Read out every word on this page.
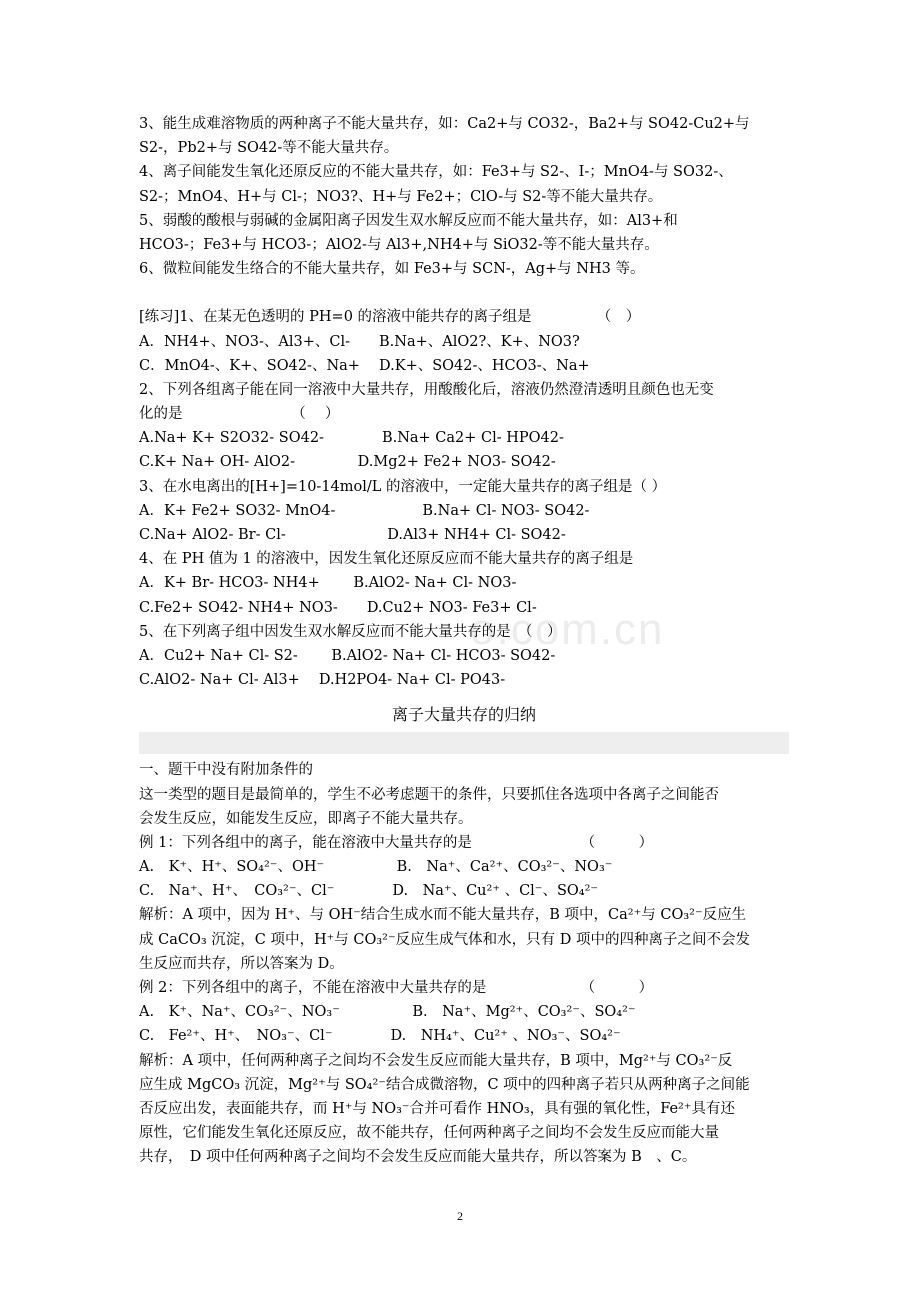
o.com.cn
3、能生成难溶物质的两种离子不能大量共存，如：Ca2+与 CO32-，Ba2+与 SO42-Cu2+与
S2-，Pb2+与 SO42-等不能大量共存。
4、离子间能发生氧化还原反应的不能大量共存，如：Fe3+与 S2-、I-；MnO4-与 SO32-、
S2-；MnO4、H+与 Cl-；NO3?、H+与 Fe2+；ClO-与 S2-等不能大量共存。
5、弱酸的酸根与弱碱的金属阳离子因发生双水解反应而不能大量共存，如：Al3+和
HCO3-；Fe3+与 HCO3-；AlO2-与 Al3+,NH4+与 SiO32-等不能大量共存。
6、微粒间能发生络合的不能大量共存，如 Fe3+与 SCN-，Ag+与 NH3 等。
[练习]1、在某无色透明的 PH=0 的溶液中能共存的离子组是　　　　　（　）
A．NH4+、NO3-、Al3+、Cl-　　B.Na+、AlO2?、K+、NO3?
C．MnO4-、K+、SO42-、Na+　 D.K+、SO42-、HCO3-、Na+
2、下列各组离子能在同一溶液中大量共存，用酸酸化后，溶液仍然澄清透明且颜色也无变
化的是　　　　　　　　（　 ）
A.Na+ K+ S2O32- SO42-　　　　B.Na+ Ca2+ Cl- HPO42-
C.K+ Na+ OH- AlO2-　　　　 D.Mg2+ Fe2+ NO3- SO42-
3、在水电离出的[H+]=10-14mol/L 的溶液中，一定能大量共存的离子组是（ ）
A．K+ Fe2+ SO32- MnO4-　　　　　　B.Na+ Cl- NO3- SO42-
C.Na+ AlO2- Br- Cl-　　　　　　　D.Al3+ NH4+ Cl- SO42-
4、在 PH 值为 1 的溶液中，因发生氧化还原反应而不能大量共存的离子组是
A．K+ Br- HCO3- NH4+　　 B.AlO2- Na+ Cl- NO3-
C.Fe2+ SO42- NH4+ NO3-　　D.Cu2+ NO3- Fe3+ Cl-
5、在下列离子组中因发生双水解反应而不能大量共存的是　（　）
A．Cu2+ Na+ Cl- S2-　　 B.AlO2- Na+ Cl- HCO3- SO42-
C.AlO2- Na+ Cl- Al3+　 D.H2PO4- Na+ Cl- PO43-
离子大量共存的归纳
一、题干中没有附加条件的
这一类型的题目是最简单的，学生不必考虑题干的条件，只要抓住各选项中各离子之间能否
会发生反应，如能发生反应，即离子不能大量共存。
例 1：下列各组中的离子，能在溶液中大量共存的是　　　　　　　　（　　　）
A.　K⁺、H⁺、SO₄²⁻、OH⁻　　　　　B.　Na⁺、Ca²⁺、CO₃²⁻、NO₃⁻
C.　Na⁺、H⁺、　CO₃²⁻、Cl⁻　　　　D.　Na⁺、Cu²⁺ 、Cl⁻、SO₄²⁻
解析：A 项中，因为 H⁺、与 OH⁻结合生成水而不能大量共存，B 项中，Ca²⁺与 CO₃²⁻反应生
成 CaCO₃ 沉淀，C 项中，H⁺与 CO₃²⁻反应生成气体和水，只有 D 项中的四种离子之间不会发
生反应而共存，所以答案为 D。
例 2：下列各组中的离子，不能在溶液中大量共存的是　　　　　　　（　　　）
A.　K⁺、Na⁺、CO₃²⁻、NO₃⁻　　　　　B.　Na⁺、Mg²⁺、CO₃²⁻、SO₄²⁻
C.　Fe²⁺、H⁺、　NO₃⁻、Cl⁻　　　　D.　NH₄⁺、Cu²⁺ 、NO₃⁻、SO₄²⁻
解析：A 项中，任何两种离子之间均不会发生反应而能大量共存，B 项中，Mg²⁺与 CO₃²⁻反
应生成 MgCO₃ 沉淀，Mg²⁺与 SO₄²⁻结合成微溶物，C 项中的四种离子若只从两种离子之间能
否反应出发，表面能共存，而 H⁺与 NO₃⁻合并可看作 HNO₃，具有强的氧化性，Fe²⁺具有还
原性，它们能发生氧化还原反应，故不能共存，任何两种离子之间均不会发生反应而能大量
共存，　D 项中任何两种离子之间均不会发生反应而能大量共存，所以答案为 B　、C。
2
